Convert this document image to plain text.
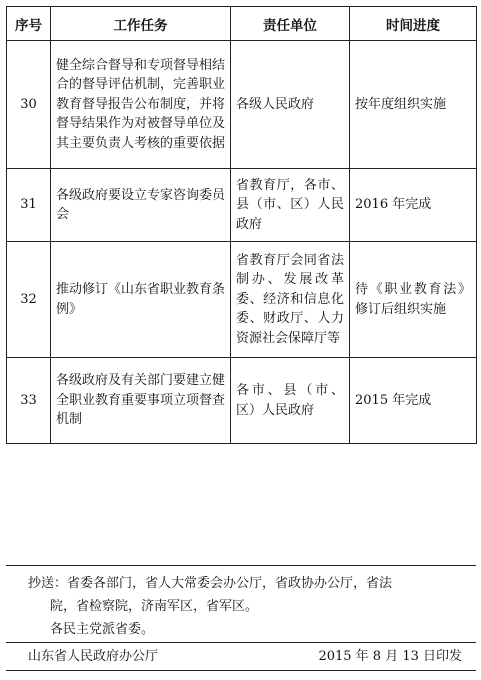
序号	工作任务	责任单位	时间进度
30	健全综合督导和专项督导相结合的督导评估机制，完善职业教育督导报告公布制度，并将督导结果作为对被督导单位及其主要负责人考核的重要依据	各级人民政府	按年度组织实施
31	各级政府要设立专家咨询委员会	省教育厅，各市、县（市、区）人民政府	2016 年完成
32	推动修订《山东省职业教育条例》	省教育厅会同省法制办、发展改革委、经济和信息化委、财政厅、人力资源社会保障厅等	待《职业教育法》修订后组织实施
33	各级政府及有关部门要建立健全职业教育重要事项立项督查机制	各市、县（市、区）人民政府	2015 年完成
抄送：省委各部门，省人大常委会办公厅，省政协办公厅，省法
院，省检察院，济南军区，省军区。
各民主党派省委。
山东省人民政府办公厅	2015 年 8 月 13 日印发
